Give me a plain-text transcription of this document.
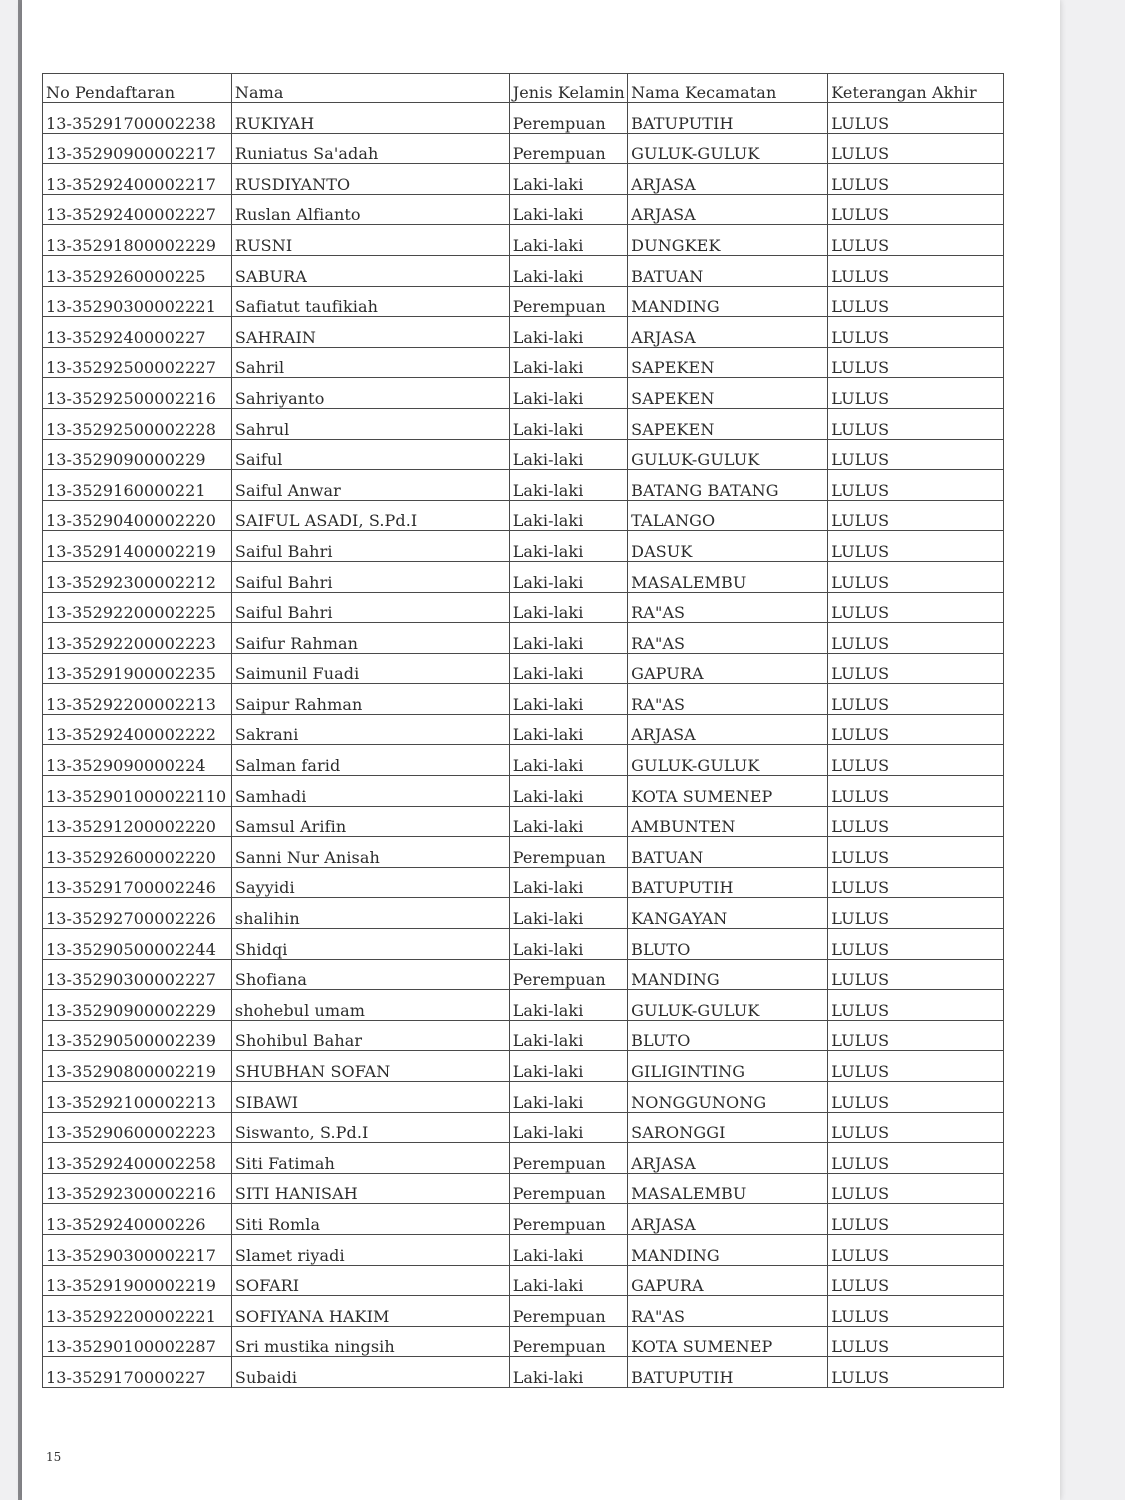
No Pendaftaran	Nama	Jenis Kelamin	Nama Kecamatan	Keterangan Akhir
13-35291700002238	RUKIYAH	Perempuan	BATUPUTIH	LULUS
13-35290900002217	Runiatus Sa'adah	Perempuan	GULUK-GULUK	LULUS
13-35292400002217	RUSDIYANTO	Laki-laki	ARJASA	LULUS
13-35292400002227	Ruslan Alfianto	Laki-laki	ARJASA	LULUS
13-35291800002229	RUSNI	Laki-laki	DUNGKEK	LULUS
13-3529260000225	SABURA	Laki-laki	BATUAN	LULUS
13-35290300002221	Safiatut taufikiah	Perempuan	MANDING	LULUS
13-3529240000227	SAHRAIN	Laki-laki	ARJASA	LULUS
13-35292500002227	Sahril	Laki-laki	SAPEKEN	LULUS
13-35292500002216	Sahriyanto	Laki-laki	SAPEKEN	LULUS
13-35292500002228	Sahrul	Laki-laki	SAPEKEN	LULUS
13-3529090000229	Saiful	Laki-laki	GULUK-GULUK	LULUS
13-3529160000221	Saiful Anwar	Laki-laki	BATANG BATANG	LULUS
13-35290400002220	SAIFUL ASADI, S.Pd.I	Laki-laki	TALANGO	LULUS
13-35291400002219	Saiful Bahri	Laki-laki	DASUK	LULUS
13-35292300002212	Saiful Bahri	Laki-laki	MASALEMBU	LULUS
13-35292200002225	Saiful Bahri	Laki-laki	RA"AS	LULUS
13-35292200002223	Saifur Rahman	Laki-laki	RA"AS	LULUS
13-35291900002235	Saimunil Fuadi	Laki-laki	GAPURA	LULUS
13-35292200002213	Saipur Rahman	Laki-laki	RA"AS	LULUS
13-35292400002222	Sakrani	Laki-laki	ARJASA	LULUS
13-3529090000224	Salman farid	Laki-laki	GULUK-GULUK	LULUS
13-352901000022110	Samhadi	Laki-laki	KOTA SUMENEP	LULUS
13-35291200002220	Samsul Arifin	Laki-laki	AMBUNTEN	LULUS
13-35292600002220	Sanni Nur Anisah	Perempuan	BATUAN	LULUS
13-35291700002246	Sayyidi	Laki-laki	BATUPUTIH	LULUS
13-35292700002226	shalihin	Laki-laki	KANGAYAN	LULUS
13-35290500002244	Shidqi	Laki-laki	BLUTO	LULUS
13-35290300002227	Shofiana	Perempuan	MANDING	LULUS
13-35290900002229	shohebul umam	Laki-laki	GULUK-GULUK	LULUS
13-35290500002239	Shohibul Bahar	Laki-laki	BLUTO	LULUS
13-35290800002219	SHUBHAN SOFAN	Laki-laki	GILIGINTING	LULUS
13-35292100002213	SIBAWI	Laki-laki	NONGGUNONG	LULUS
13-35290600002223	Siswanto, S.Pd.I	Laki-laki	SARONGGI	LULUS
13-35292400002258	Siti Fatimah	Perempuan	ARJASA	LULUS
13-35292300002216	SITI HANISAH	Perempuan	MASALEMBU	LULUS
13-3529240000226	Siti Romla	Perempuan	ARJASA	LULUS
13-35290300002217	Slamet riyadi	Laki-laki	MANDING	LULUS
13-35291900002219	SOFARI	Laki-laki	GAPURA	LULUS
13-35292200002221	SOFIYANA HAKIM	Perempuan	RA"AS	LULUS
13-35290100002287	Sri mustika ningsih	Perempuan	KOTA SUMENEP	LULUS
13-3529170000227	Subaidi	Laki-laki	BATUPUTIH	LULUS
15
